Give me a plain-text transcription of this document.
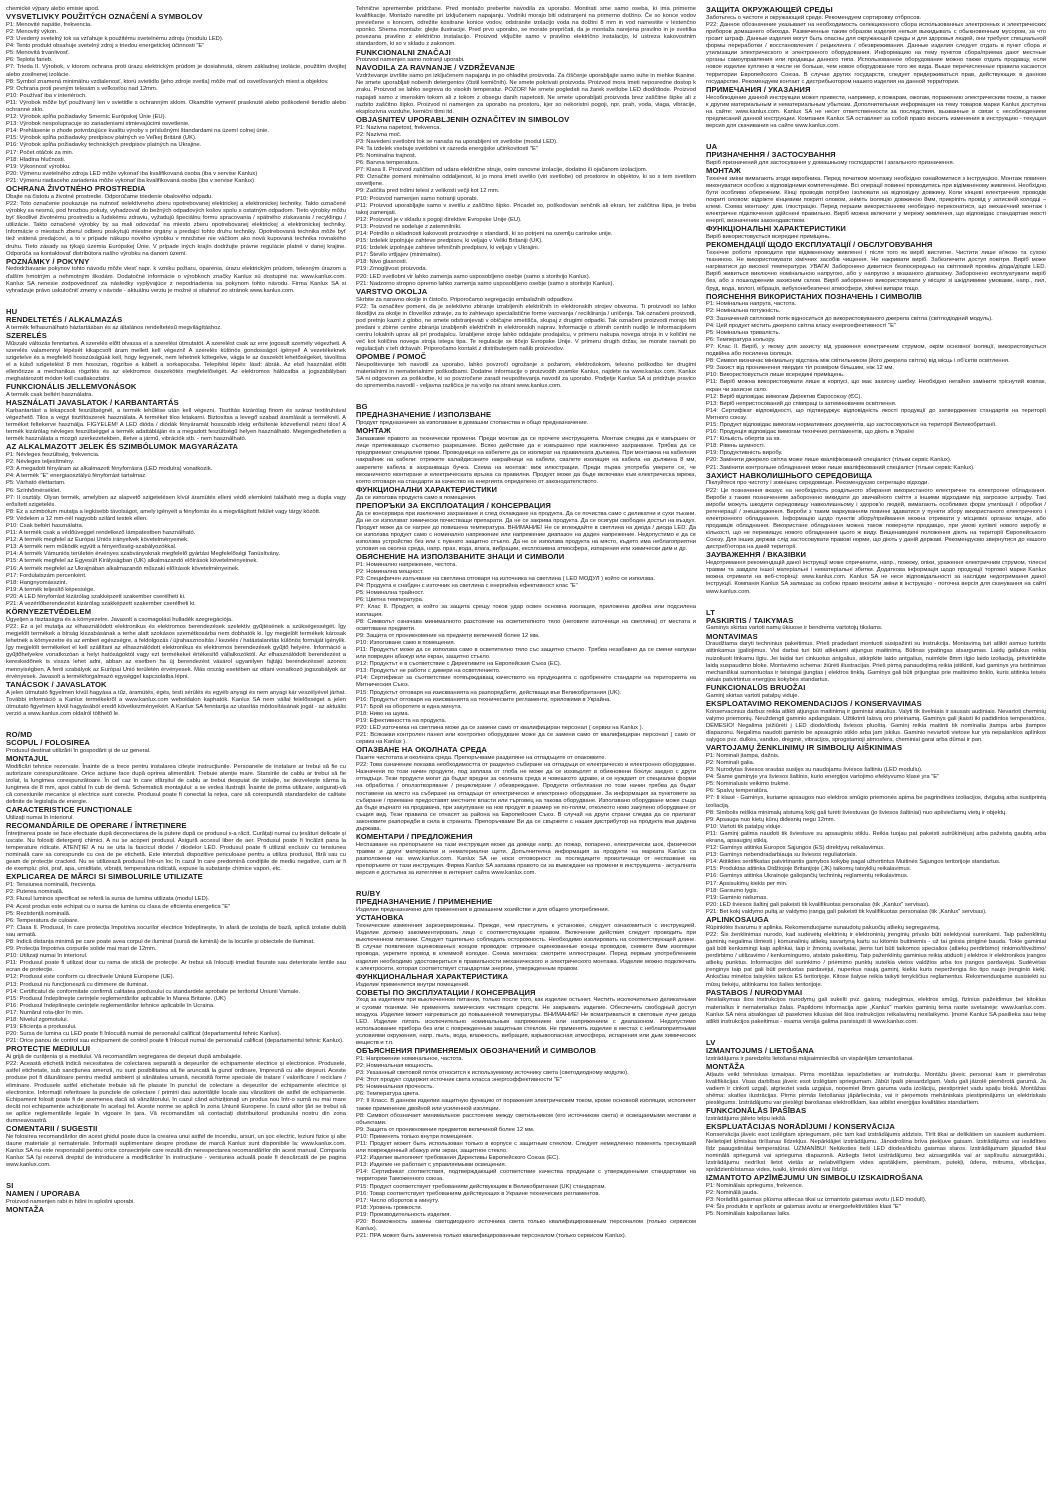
chemické výpary alebo emisie apod.

VYSVETLIVKY POUŽITÝCH OZNAČENÍ A SYMBOLOV

P1: Menovité napätie, frekvencia.

P2: Menovitý výkon.

P3: Uvedený svetelný tok sa vzťahuje k použitému svetelnému zdroju (modulu LED).

P4: Tento produkt obsahuje svetelný zdroj s triedou energetickej účinnosti "E"

P5: Menovitá trvanlivosť.

P6: Teplota farieb.

P7: Trieda II. Výrobok, v ktorom ochrana proti úrazu elektrickým prúdom je dosiahnutá, okrem základnej izolácie, použitím dvojitej alebo zosilnenej izolácie.

P8: Symbol znamená minimálnu vzdialenosť, ktorú svietidlo (jeho zdroje svetla) môže mať od osvetľovaných miest a objektov.

P9: Ochrana proti pevným telesám s veľkosťou nad 12mm.

P10: Používať iba v interiéroch.

P11: Výrobok môže byť používaný len v svietidle s ochranným sklom. Okamžite vymeniť prasknuté alebo poškodené tienidlo alebo ochranné sklo.

P12: Výrobok spĺňa požiadavky Smerníc Európskej Únie (EU).

P13: Výrobok nespolupracuje so zariadeniami stmievajúcimi osvetlenie.

P14: Prehlásenie o zhode potvrdzujúce kvalitu výroby s príslušnými štandardami na území colnej únie.

P15: Výrobok spĺňa požiadavky predpisov platných vo Veľkej Británii (UK).

P16: Výrobok spĺňa požiadavky technických predpisov platných na Ukrajine.

P17: Počet otáčok za min.

P18: Hladina hlučnosti.

P19: Výkonnosť výrobku.

P20: Výmenu svetelného zdroja LED môže vykonať iba kvalifikovaná osoba (iba v servise Kanlux)

P21: Výmenu riadiaceho zariadenia môže vykonať iba kvalifikovaná osoba (iba v servise Kanlux)

OCHRANA ŽIVOTNÉHO PROSTREDIA

Dbajte na čistotu a životné prostredie. Odporúčame triedenie obalového odpadu.

P22: Toto označenie poukazuje na nutnosť selektívneho zberu opotrebovanej elektrickej a elektronickej techniky. Takto označené výrobky sa nesmú, pod hrozbou pokuty, vyhadzovať do bežných odpadových košov spolu s ostatným odpadom. Tieto výrobky môžu byť škodlivé životnému prostrediu a ľudskému zdraviu, vyžadujú špeciálnu formu spracovania / spätného získavania / recyklingu / utilizácie. Takto označené výrobky by sa mali odovzdať na miesto zberu opotrebovanej elektrickej a elektronickej techniky. Informácie o miestach zberu/ odberu poskytujú miestne orgány a predajci tohto druhu techniky. Opotrebovaná technika môže byť tiež vrátená predajcovi, a to v prípade nákupu nového výrobku v množstve nie väčšom ako nová kupovaná technika rovnakého druhu. Tieto zásady sa týkajú územia Európskej Únie. V prípade iných krajín dodržujte právne regulácie platné v danej krajine. Odporúča sa kontaktovať distribútora našho výrobku na danom území.

POZNÁMKY / POKYNY

Nedodržiavanie pokynov tohto návodu môže viesť napr. k vzniku požiaru, oparenia, úrazu elektrickým prúdom, telesným úrazom a ďalším hmotným a nehmotným škodám. Dodatočné informácie o výrobkoch značky Kanlux sú dostupné na: www.kanlux.com. Kanlux SA nenesie zodpovednosť za následky vyplývajúce z nepodriadenia sa pokynom tohto návodu. Firma Kanlux SA si vyhradzuje právo uskutočniť zmeny v návode - aktuálnu verziu je možné si stiahnuť zo stránok www.kanlux.com.

HU
RENDELTETÉS / ALKALMAZÁS

A termék felhasználható háztartásban és az általános rendeltetésű megvilágításhoz.

SZERELÉS

Műszaki változás fenntartva. A szerelés előtt olvassa el a szerelési útmutatót. A szerelést csak az erre jogosult személy végezheti. A szerelés valamennyi lépését kikapcsolt áram mellett kell végezni! A szerelés különös gondosságot igényel! A vezetékeknek szigetelve és a megfelelő hosszúságúak kell, hogy legyenek, nem lehetnek kötegelve, vágja le az összeköt lehetőségeket, távolítsa el a külső szigetelést 8 mm hosszan, rögzítse a kábelt a sorkapocsba. Telepítési lépés: lásd: ábrák. Az első használat előtt ellenőrizze a mechanikus rögzítés és az elektromos összekötés megfelelőségét. Az elektromos hálózatba a jogszabályban meghatározott módon kell csatlakoztatni.

FUNKCIONÁLIS JELLEMVONÁSOK

A termék csak beltéri használatra.

HASZNÁLATI JAVASLATOK / KARBANTARTÁS

Karbantartást a lekapcsolt feszültségnél, a termék lehűlése után kell végezni. Tisztítás kizárólag finom és száraz textilruhával végezhető. Tilos a vegyi tisztítószerek használata. A terméket tilos letakarni. Biztosítsa a levegő szabad áramlását a terméknél. A terméket feltekerve használja. FIGYELEM! A LED dióda / diódák fényáramát hosszabb ideig erősítenie közvetlenül nézni tilos! A termék kizárólag névleges feszültséggel a termék adattábláján és a megadott feszültségű helyen használható. Megengedhetetlen a termék használata a mozgó szerkezetekben, illetve a jármű, vibrációk stb. - nem használható.

AZ ALKALMAZOTT JELEK ÉS SZIMBÓLUMOK MAGYARÁZATA

P1: Névleges feszültség, frekvencia.

P2: Névleges teljesítmény.

P3: A megadott fényáram az alkalmazott fényforrásra (LED modulra) vonatkozik.

P4: A termék "E" energiaosztályú fényforrást tartalmaz.

P5: Várható élettartam.

P6: Színhőmérséklet.

P7: II osztály. Olyan termék, amelyben az alapvető szigetelésen kívül áramütés elleni védő elemként található meg a dupla vagy erősített szigetelés.

P8: Ez a szimbólum mutatja a legkisebb távolságot, amely igényelt a fényforrás és a megvilágított felület vagy tárgy között.

P9: Védelem a 12 mm-nél nagyobb szilárd testek ellen.

P10: Csak beltéri használatra.

P11: A termék csak a védőüveggel rendelkező lámpatestben használható.

P12: A termék megfelel az Európai Uniós irányelvek követelményeinek.

P13: A termék nem működik együtt a fényerősség-szabályozókkal.

P14: A termék Vámuniós területén érvényes szabványoknak megfelelő gyártási Megfelelőségi Tanúsítvány.

P15: A termék megfelel az Egyesült Királyságban (UK) alkalmazandó előírások követelményeinek.

P16: A termék megfelel az Ukrajnában alkalmazandó műszaki előírások követelményeinek.

P17: Fordulatszám percenként.

P18: Hangnyomásszint.

P19: A termék teljesítő képessége.

P20: A LED fényforrást kizárólag szakképzett szakember cserélheti ki.

P21: A vezérlőberendezést kizárólag szakképzett szakember cserélheti ki.

KÖRNYEZETVÉDELEM

Ügyeljen a tisztaságra és a környezetre. Javasolt a csomagolási hulladék szegregációja.

P22: Ez a jel mutatja az elhasználódott elektronikus és elektromos berendezések szelektív gyűjtésének a szükségességét. Így megjelölt termékek a bírság kiszabásának a terhe alatt szokásos szemétkosárba nem dobhatók ki. Így megjelölt termékek károsak lehetnek a környezetre és az emberi egészségre, a feldolgozás / újrahasznosítás / kezelés / hatástalanítás különös formáját igénylik. Így megjelölt termékeket el kell szállítani az elhasználódott elektronikus és elektromos berendezések gyűjtő helyére. Információ a gyűjtőhelyekre vonatkozóan a helyi hatóságoktól vagy ezt termékeket értékesítő vállalkozóktól. Az elhasználódott berendezést a kereskedőnek is vissza lehet adni, abban az esetben ha új berendezést vásárol ugyanilyen fajtájú berendezéssel azonos mennyiségben. A fenti szabályok az Európai Unió területén érvényesek. Más ország esetében az ottani vonatkozó jogszabályok az érvényesek. Javasolt a termékforgalmazó egységgel kapcsolatba lépni.

TANÁCSOK / JAVASLATOK

A jelen útmutató figyelmen kívül hagyása a tűz, áramütés, égés, testi sérülés és egyéb anyagi és nem anyagi kár veszélyével járhat. További információ a Kanlux termékekről a www.kanlux.com weboldalon kaphatók. Kanlux SA nem vállal felelősséget a jelen útmutató figyelmen kívül hagyásából eredő következményekért. A Kanlux SA fenntartja az utasítás módosításának jogát - az aktuális verzió a www.kanlux.com oldalról tölthető le.

RO/MD
SCOPUL / FOLOSIREA

Produsul destinat utilizării în gospodării și de uz general.

MONTAJUL

Modificări tehnice rezervate. Înainte de a trece pentru instalarea citește instrucțiunile. Persoanele de instalare ar trebui să fie cu autorizare corespunzătoare. Orice acțiune face după oprirea alimentării. Trebuie atenție mare. Starsirile de cablu ar trebui să fie izolat, la lungimea corespunzătoare. În cel caz în care sfârșitul de cablu ar trebui despuiat de izolație, se dezvelește sârma la lungimea de 8 mm, apoi cablul în cub de demă. Schematică montajului: a se vedea ilustrații. Înainte de prima utilizare, asigurați-vă că conexiunile mecanice și electrice sunt corecte. Produsul poate fi conectat la rețea, care să corespundă standardelor de calitate definite de legislația de energie.

CARACTERISTICE FUNCȚIONALE

Utilizați numai în interiorul.

RECOMANDĂRILE DE OPERARE / ÎNTREȚINERE

Întreținerea poate se face efectuate după deconectarea de la putere după ce produsul s-a răcit. Curățați numai cu țesături delicate și uscate. Nu folosiți detergenți chimici. A nu se acoperi produsul. Asigură accesul liber de aer. Produsul poate fi încălzit pana la temperature ridicate. ATENȚIE! A nu se uita la fascicul diodei / diodelor LED. Produsul poate fi utilizat exclusiv cu tensiunea nominală care sa corespunde cu cea de pe etichetă. Este interzisă dispozitive periculoase pentru a utiliza produsul, fără sau cu geam de protecție cracked. Nu se utilizează produsul într-un loc în cazul în care predomină condițiile de mediu negative, cum ar fi de exemplu: ploi, praf, apa, umiditate, vibrații, temperatura ridicată, expuse la substanțe chimice vapori, etc.

EXPLICAREA DE MĂRCI SI SIMBOLURILE UTILIZATE

P1: Tensiunea nominală, frecvența.

P2: Puterea nominală.

P3: Fluxul luminos specificat se referă la sursa de lumina utilizata (modul LED).

P4: Acest produs este echipat cu o sursa de lumina cu clasa de eficienta energetica "E"

P5: Rezistență nominală.

P6: Temperatura de culoare.

P7: Clasa II. Produsul, în care protecția împotriva socurilor electrice îndeplinește, în afară de izolația de bază, aplică izolatie dublă sau armată.

P8: Indică distanța minimă pe care poate avea corpul de iluminat (sursă de lumină) de la locurile și obiectele de iluminat.

P9: Protecția împotriva corpurile solide mai mari de 12mm.

P10: Utilizați numai în interiorul.

P11: Produsul poate fi utilizat doar cu rama de sticlă de protecție. Ar trebui să înlocuiți imediat fisurate sau deteriorate lentile sau ecran de protecție.

P12: Produsul este conform cu directivele Uniunii Europene (UE).

P13: Produsul nu funcționează cu dimmere de iluminat.

P14: Certificatul de conformitate confirmă calitatea produsului cu standardele aprobate pe teritoriul Uniunii Vamale.

P15: Produsul îndeplinește cerințele reglementărilor aplicabile în Marea Britanie. (UK)

P16: Produsul îndeplinește cerințele reglementărilor tehnice aplicabile în Ucraina.

P17: Numărul rota-ților în min.

P18: Nivelul zgomotului.

P19: Eficiența a produsului.

P20: Sursa de lumina cu LED poate fi înlocuită numai de personalul calificat (departamentul tehnic Kanlux).

P21: Orice panou de control sau echipament de control poate fi înlocuit numai de personalul calificat (departamentul tehnic Kanlux).

PROTECȚIE MEDIULUI

Ai grijă de curățenia și a mediului. Vă recomandăm segregarea de deșeuri după ambalajele.

P22: Această etichetă indică necesitatea de colectarea separată a deșeurilor de echipamente electrice și electronice. Produsele, astfel etichetate, sub sancțiunea amenzii, nu sunt posibilitatea să fie aruncată la gunoi ordinare, împreună cu alte deșeuri. Aceste produse pot fi dăunătoare pentru mediul ambient și sănătatea umană, necesită forme speciale de tratare / valorificare / reciclare / eliminare. Produsele astfel etichetate trebuie să fie plasate în punctul de colectare a deșeurilor de echipamente electrice și electronice. Informații referitoare la punctele de colectare / primirii dau autoritățile locale sau vânzătorii de astfel de echipamente. Echipament folosit poate fi de asemenea dacă să vânzătorului, în cazul când achiziționați un produs nou într-o sumă nu mai mare decât noi echipamente achiziționate în același fel. Aceste norme se aplică în zona Uniunii Europene. În cazul altor țări se trebui să se aplice reglementările legale în vigoare în țara. Vă recomandăm să contactați distribuitorul produsului nostru din zona dumneavoastră.

COMENTARII / SUGESTII

Ne folosirea recomandărilor din acest ghidul poate duce la crearea unui astfel de incendiu, arsuri, un șoc electric, leziuni fizice și alte daune materiale și nemateriale. Informații suplimentare despre produse de marcă Kanlux sunt disponibile la: www.kanlux.com. Kanlux SA nu este responsabil pentru orice consecințele care rezultă din nerespectarea recomandărilor din acest manual. Compania Kanlux SA își rezervă dreptul de introducere a modificărilor în instrucțiune - versiunea actuală poate fi descărcată de pe pagina www.kanlux.com.

SI
NAMEN / UPORABA

Proizvod namenjen rabi in hišni in splošni uporabi.

MONTAŽA

Tehnične spremembe pridržane. Pred montažo preberite navodila za uporabo. Montirati sme samo oseba, ki ima primerne kvalifikacije. Montažo naredite pri izključenem napajanju. Vodniki morajo biti odstranjeni na primerno dolžino. Če so konce vodov previečene s koncem, odrežite kositrane konice vodov, odstranite izolacijo voda na dolžini 8 mm in vod namestite v lestenčno sponko. Shema montaže: glejte ilustracije. Pred prvo uporabo, se morate prepričati, da je montaža narejena pravilno in je svetilka povezana pravilno z električno instalacijo. Proizvod vključite samo v pravilno električno instalacijo, ki ustreza kakovostnim standardom, ki so v skladu z zakonom.

FUNKCIONALNI ZNAČAJI

Proizvod namenjen samo notranji uporabi.

NAVODILA ZA RAVNANJE / VZDRŽEVANJE

Vzdrževanje izvršite samo pri izključenem napajanju in po ohladitvi proizvoda. Za čiščenje uporabljajte samo suhe in mehke tkanine. Ne smete uporabljati nobenih detergentov (čistil kemičnih). Ne smete pokrivati proizvoda. Proizvod mora imeti neposredne dostop k zraku. Proizvod se lahko segreva do visokih temperatur. POZOR! Ne smete pogledati na žarek svetlobe LED diod/diode. Proizvod napajati samo z imenskim tokom ali z tokom z obsegu danih napetosti. Ne smete uporabljati proizvoda brez zaščitne šipke ali z razbito zaščitno šipko. Proizvod ni namenjen za uporabo na prostoru, kjer so nekoristni pogoji, npr. prah, voda, vlaga, vibracije, eksplozivna vozduhe, kemični tlimi itd.

OBJASNITEV UPORABLJENIH OZNAČITEV IN SIMBOLOV

P1: Nazivna napetost, frekvenca.

P2: Nazivna moč.

P3: Navedeni svetlobni tok se nanaša na uporabljeni vir svetlobe (modul LED).

P4: Ta izdelek vsebuje svetlobni vir razreda energijske učinkovitosti "E"

P5: Nominalna trajnost.

P6: Barvna temperatura.

P7: Klasa II. Proizvod zaščiten od udara električne struje, osim osnovne izolacije, dodatno ili ojačanom izolacijom.

P8: Označite pomeni minimalno oddaljenost, ki jo mora imeti svetilo (viri svetlobe) od prostorov in objektov, ki so s tem svetilom osvetljene.

P9: Zaščita pred trdimi telesi z velikosti večji kot 12 mm.

P10: Proizvod namenjen samo notranji uporabi.

P11: Proizvod uporabljajte samo v svetilu z zaščitno šipko. Pricadet so, poškodovan senčnik ali ekran, ter zaščitna šipa, je treba takoj zamenjati.

P12: Proizvod je v skladu s pogoji direktive Evropske Unije (EU).

P13: Proizvod ne sodeluje z zatemnilniki.

P14: Potrdilo o skladnosti kakovosti proizvodnje s standardi, ki so potrjeni na ozemlju carinske unije.

P15: Izdelek izpolnjuje zahteve predpisov, ki veljajo v Veliki Britaniji (UK).

P16: Izdelek izpolnjuje zahteve tehničnih predpisov, ki veljajo v Ukrajini.

P17: Število vrtljajev (minimalno).

P18: Nivo glasnosti.

P19: Zmogljivost proizvoda.

P20: LED svetlobni vir lahko zamenja samo usposobljeno osebje (samo s storitvijo Kanlux).

P21: Nadzorno stropno opremo lahko zamenja samo usposobljeno osebje (samo s storitvijo Kanlux).

VARSTVO OKOLJA

Skrbite za naravno okolje in čistočo. Priporočamo segregacijo embalažnih odpadkov.

P22: Ta označitev pomeni, da je selektivno zbiranje izrabljenih električnih in elektronskih strojev obvezna. Ti proizvodi so lahko škodljivi za okolje in človeško zdravje, za to zahtevajo specialistične forme varovanja / recikliranja / uničenja. Tak označeni proizvodi, pod pretnjo kazni z globo, ne smete odstranjevati v običajne smetišča, skupaj z drugimi odpadki. Tak označeni proizvodi morajo biti predani v zbirne centre zbiranja izrabljenih električnih in elektronskih naprav. Informacije o zbirnih centrih nudijo le informacijskem centru lokalnih uprav ali pri prodajalcu. Izrabljene stroje lahko oddajate prodajalcu, v primeru nakupa novega stroja in v količini ne več kot količina novega stroja istega tipa. Te regulacije se tičejo Evropske Unije. V primeru drugih držav, se morate ravnati po regulacijah v teh državah. Priporočamo kontakt z distributerjem našib proizvodov.

OPOMBE / POMOČ

Neupoštevanje teh navodil za uporabo, lahko povzroči ogrožanje s požarom, elektrošokom, telesno poškodbo ter drugimi materialnimi in nematerialnimi poškodbami. Dodatne informacije o proizvodih znamke Kanlux, najdete na www.kanlux.com. Kanlux SA ni odgovoren za poškodbe, ki so povzročene zaradi neupoštevanja navodil za uporabo. Podjetje Kanlux SA si pridržuje pravico do sprememba navodil - veljavna različica je na voljo na strani www.kanlux.com.

BG
ПРЕДНАЗНАЧЕНИЕ / ИЗПОЛЗВАНЕ

Продукт предназначен за използване в домашни стопанства и общо предназначение.

МОНТАЖ

Запазваме правото за технически промени. Преди монтаж да се прочете инструкцията. Монтаж следва да е извършен от лице притежаващо съответно разрешение. Всяко действие да е извършено при изключено захранване. Трябва да се предприемат специални грижи. Проводници на кабелите да се изолират на правилната дължина. При монтажна на кабелния накрайник на кабели: отрежете калайдисаните накрайници на кабели, свалете изолация на кабела на дължина 8 мм, закрепете кабела в захранваща бучка. Схема на монтаж: виж илюстрации. Преди първа употреба уверете се, че механичното монтиране и електрическата връзка са правилни. Продукт може да бъде включван към електрическа мрежа, която отговаря на стандарти за качество на енергията определено от законодателството.

ФУНКЦИОНАЛНИ ХАРАКТЕРИСТИКИ

Да се използва продукта само в помещения.

ПРЕПОРЪКИ ЗА ЕКСПЛОАТАЦИЯ / КОНСЕРВАЦИЯ

Да се консервира при изключено захранване и след охлаждане на продукта. Да се почиства само с деликатни и сухи тъкани. Да не се използват химически почистващи препарати. Да не се закрива продукта. Да се осигури свободен достъп на въздух. Продукт може да се нагрее до повишена температура. ВНИМАНИЕ! Не се вглеждайте в светлина на диода / диода LED. Да се използва продукт само с номинално напрежение или напрежение диапазон на даден напрежение. Недопустимо е да се използва устройство без или с пукнато защитно стъкло. Да не се използва продукта на място, където има неблагоприятни условия на околна среда, напр. прах, вода, влага, вибрации, експлозивна атмосфера, изпарения или химически дим и др.

ОБЯСНЕНИЕ НА ИЗПОЛЗВАНИТЕ ЗНАЦИ И СИМВОЛИ

P1: Номинално напрежение, честота.

P2: Номинална мощност.

P3: Специфичен излъчване на светлина отговаря на източника на светлина ( LED МОДУЛ ) който се използва.

P4: Продукта е снабден с източник на светлина с енергийна ефективност клас "E"

P5: Номинална трайност.

P6: Цветна температура.

P7: Клас II. Продукт, в който за защита срещу токов удар освен основна изолация, приложена двойна или подсилена изолация.

P8: Символът означава минималното разстояние на осветителното тяло (неговите източници на светлина) от местата и осветявани предмети.

P9: Защита от проникновение на предмети величиной более 12 мм.

P10: Използване само в помещения.

P11: Продуктът може да се използва само в осветително тяло със защитно стъкло. Трябва незабавно да се смени напукан или повреден абажур или екран, защитно стъкло.

P12: Продуктът е в съответствие с Директивите на Европейския Съюз (ЕС).

P13: Продуктът не работи с димери на осветлението.

P14: Сертификат за съответствие потвърждаващ качеството на продукцията с одобрените стандарти на територията на Митническия Съюз.

P15: Продуктът отговаря на изискванията на разпоредбите, действащи във Великобритания (UK).

P16: Продуктът отговаря на изискванията на техническите регламенти, приложими в Украйна.

P17: Брой на оборотите в една минута.

P18: Ниво на шума.

P19: Ефективността на продукта.

P20: LED източника на светлина може да се замени само от квалифициран персонал ( сервиз на Kanlux ).

P21: Всякакви контролен панел или контролно оборудване може да се замени само от квалифициран персонал ( само от сервиз на Kanlux ).

ОПАЗВАНЕ НА ОКОЛНАТА СРЕДА

Пазете чистотата и околната среда. Препоръчваме разделяне на отпадъците от опаковките.

P22: Това означение показва необходимостта от разделно събиране на отпадъци от електрическо и електронно оборудване. Назначени по този начин продукти, под заплаха от глоба не може да се изхвърлят в обикновени боклук заедно с други отпадъци. Тези продукти могат да бъдат вредни за околната среда и човешкото здраве, и се нуждаят от специални форми на обработка / оползотворяване / рециклиране / обезвреждане. Продукти отбелязани по този начин трябва да бъдат поставени на място на събиране на отпадъци от електрическо и електронно оборудване. За информация за пунктовете за събиране / приемане предоставят местните власти или търговец на такова оборудване. Използвано оборудване може също да бъде върнато на продавача, при закупуване на нов продукт в размер не по-голям, отколкото ново закупено оборудване от същия вид. Тези правила се отнасят за района на Европейския Съюз. В случай на други страни следва да се прилагат законовите разпоредби в сила в страната. Препоръчваме Ви да се свържете с нашия дистрибутор на продукта във дадена държава.

КОМЕНТАРИ / ПРЕДЛОЖЕНИЯ

Неспазване на препоръките на тази инструкция може да доведе напр. до пожар, попарено, електрически шок, физически травми и други материални и нематериални щети. Допълнителна информация за продукти на марката Kanlux са разположени на: www.kanlux.com. Kanlux SA не носи отговорност за последиците произтичащи от неспазване на препоръките от тази инструкция. Фирма Kanlux SA запазва правото си за въвеждане на промени в инструкцията - актуалната версия е достъпна за изтегляне в интернет сайта www.kanlux.com.

RU/BY
ПРЕДНАЗНАЧЕНИЕ / ПРИМЕНЕНИЕ

Изделие предназначено для применения в домашнем хозяйстве и для общего употребления.

УСТАНОВКА

Технические изменения зарезервированы. Прежде, чем приступить к установке, следует ознакомиться с инструкцией. Изделие должно закомментировать лицо с соответствующим правом. Включение действия следует проводить при выключенном питании. Следует тщательно соблюдать осторожность. Необходимо изолировать на соответствующей длине. В случае появления оцинкованных концов проводов: отрежьте оцинкованные концы проводов, снимите 8мм изоляции провода, укрепите провод в клеммой колодке. Схема монтажа: смотрите иллюстрации. Перед первым употреблением изделия необходимо удостовериться в правильности механического и электрического монтажа. Изделие можно подключать к электросети, которая соответствует стандартам энергии, утвержденным правом.

ФУНКЦИОНАЛЬНАЯ ХАРАКТЕРИСТИКА

Изделие применяется внутри помещений.

СОВЕТЫ ПО ЭКСПЛУАТАЦИИ / КОНСЕРВАЦИЯ

Уход за изделием при выключенном питании, только после того, как изделие остынет. Чистить исключительно деликатными и сухими тканями. Не применять химических чистящих средств. Не закрывать изделие. Обеспечить свободный доступ воздуха. Изделие может нагреваться до повышенной температуры. ВНИМАНИЕ! Не всматриваться в световые лучи диода LED. Изделие питать исключительно номинальным напряжением или напряжением с диапазоном. Недопустимо использование прибора без или с поврежденным защитным стеклом. Не применять изделие в местах с неблагоприятными условиями окружения, напр. пыль, вода, влажность, вибрация, взрывоопасная атмосфера, испарения или дым химических веществ и т.п.

ОБЪЯСНЕНИЯ ПРИМЕНЯЕМЫХ ОБОЗНАЧЕНИЙ И СИМВОЛОВ

P1: Напряжение номинальное, частота.

P2: Номинальная мощность.

P3: Указанный световой поток относится к используемому источнику света (светодиодному модулю).

P4: Этот продукт содержит источник света класса энергоэффективности "E"

P5: Номинальная прочность.

P6: Температура цвета.

P7: II Класс. В данном изделии защитную функцию от поражения электрическим током, кроме основной изоляции, исполняет также применение двойной или усиленной изоляции.

P8: Символ обозначает минимальное расстояние между светильником (его источником света) и освещаемыми местами и объектами.

P9: Защита от проникновения предметов величиной более 12 мм.

P10: Применять только внутри помещения.

P11: Продукт может быть использован только в корпусе с защитным стеклом. Следует немедленно поменять треснувший или поврежденный абажур или экран, защитное стекло.

P12: Изделие выполняет требования Директивы Европейского Союза (ЕС).

P13: Изделие не работает с управляемыми освещения.

P14: Сертификат соответствия, подтверждающий соответствие качества продукции с утвержденными стандартами на территории Таможенного союза.

P15: Продукт соответствует требованиям действующим в Великобритании (UK) стандартам.

P16: Товар соответствует требованиям действующих в Украине технических регламентов.

P17: Число оборотов в минуту.

P18: Уровень громкости.

P19: Производительность изделия.

P20: Возможность замены светодиодного источника света только квалифицированным персоналом (только сервисом Kanlux).

P21: ПРА может быть заменена только квалифицированным персоналом (только сервисом Kanlux).

ЗАЩИТА ОКРУЖАЮЩЕЙ СРЕДЫ

Заботьтесь о чистоте и окружающей среде. Рекомендуем сортировку отбросов.

P22: Данное обозначение указывает на необходимость селекционного сбора использованных электронных и электрических приборов домашнего обихода. Размеченные таким образом изделия нельзя выкидывать с обыкновенным мусором, за что грозит штраф. Данные изделия могут быть опасны для окружающей среды и для здоровья людей, они требуют специальной формы переработки / восстановления / рециклинга / обезвреживания. Данные изделия следует отдать в пункт сбора и утилизации электрического и электронного оборудования. Информацию на тему пунктов сбора/приема дают местные органы самоуправления или продавцы данного типа. Использованное оборудование можно также отдать продавцу, если новое изделие куплено в числе не больше, чем новое оборудование того же вида. Выше перечисленные правила касаются территории Европейского Союза. В случае других государств, следует придерживаться прав, действующих в данном государстве. Рекомендуем контакт с дистрибьютором нашего изделия на данной территории.

ПРИМЕЧАНИЯ / УКАЗАНИЯ

Несоблюдение данной инструкции может привести, например, к пожарам, ожогам, поражению электрическим током, а также к другим материальным и нематериальным убыткам. Дополнительная информация на тему товаров марки Kanlux доступна на сайте: www.kanlux.com. Kanlux SA не несет ответственности за последствия, вызванные в связи с несоблюдением предписаний данной инструкции. Компания Kanlux SA оставляет за собой право вносить изменения в инструкцию - текущая версия для скачивания на сайте www.kanlux.com.

UA
ПРИЗНАЧЕННЯ / ЗАСТОСУВАННЯ

Виріб призначений для застосування у домашньому господарстві і загального призначення.

МОНТАЖ

Технічні зміни вимагають згоди виробника. Перед початком монтажу необхідно ознайомитися з інструкцією. Монтаж повинен виконуватися особою з відповідними компетенціями. Всі операції повинні проводитись при відімкненому живленні. Необхідно бути особливо обережним. Кінці проводів потрібно ізолювати на відповідну довжину. Коли кінцеві електричних проводів покриті оловом: відріжте кінцевики покриті оловом, зніміть ізоляцію довжиною 8мм, прикріпіть провід у затискній колодці – клемі. Схема монтажу: див. ілюстрацію. Перед першим використанням необхідно переконатися, що механічний монтаж і електричне підключення здійснені правильно. Виріб можна включати у мережу живлення, що відповідає стандартам якості енергії, визначеним законодавством.

ФУНКЦІОНАЛЬНІ ХАРАКТЕРИСТИКИ

Виріб використовується всередині приміщень.

РЕКОМЕНДАЦІЇ ЩОДО ЕКСПЛУАТАЦІЇ / ОБСЛУГОВУВАННЯ

Технічне роботи проводити при відімкненому живленні і після того як виріб вистигне. Чистити лише м'якою та сухою тканиною. Не використовувати хімічних засобів чищення. Не накривати виріб. Забезпечити доступ повітря. Виріб може нагріватися до високої температури. УВАГА! Заборонено дивитися безпосередньо на світловий промінь діода/діодів LED. Виріб живиться виключно номінальною напругою, або у напругою з вказаного діапазону. Заборонено експлуатувати виріб без, або з пошкодженим захисним склом. Виріб заборонено використовувати у місцях зі шкідливими умовами, напр., пил, бруд, вода, вологі, вібрація, вибухонебезпечні атмосфери, хімічні випари тощо.

ПОЯСНЕННЯ ВИКОРИСТАНИХ ПОЗНАЧЕНЬ І СИМВОЛІВ

P1: Номінальна напруга, частота.

P2: Номінальна потужність.

P3: Зазначений світловий потік відноситься до використовуваного джерела світла (світлодіодний модуль).

P4: Цей продукт містить джерело світла класу енергоефективності "E"

P5: Номінальна тривалість.

P6: Температура кольору.

P7: Клас ІІ. Виріб, у якому для захисту від ураження електричним струмом, окрім основної ізоляції, використовується подвійна або посилена ізоляція.

P8: Символ визначає мінімальну відстань між світильником (його джерела світла) від місць і об'єктів освітлення.

P9: Захист від проникнення твердих тіл розміром більшим, ніж 12 мм.

P10: Використовується лише всередині приміщень.

P11: Виріб можна використовувати лише в корпусі, що має захисну шибку. Необхідно негайно замінити тріснутий ковпак, екран чи захисне скло.

P12: Виріб відповідає вимогам Директив Євросоюзу (ЄС).

P13: Виріб непристосований до співпраці із затемнювачем освітлення.

P14: Сертифікат відповідності, що підтверджує відповідність якості продукції до затверджених стандартів на території Митного союзу.

P15: Продукт відповідає вимогам нормативних документів, що застосовуються на території Великобританії.

P16: Продукція відповідає вимогам технічних регламентів, що діють в Україні

P17: Кількість обертів за хв.

P18: Рівень шумності.

P19: Продуктивність виробу.

P20: Замінити джерело світла може лише кваліфікований спеціаліст (тільки сервіс Kanlux).

P21: Замінити контрольне обладнання може лише кваліфікований спеціаліст (тільки сервіс Kanlux).

ЗАХИСТ НАВКОЛИШНЬОГО СЕРЕДОВИЩА

Піклуйтеся про чистоту і зовнішнє середовище. Рекомендуємо сегрегацію відходи.

P22: Це позначення вказує на необхідність роздільного збирання використаного електричне та електронне обладнання. Вироби з таким позначенням заборонено викидати до звичайного сміття з іншими відходами під загрозою штрафу. Такі вироби можуть шкодити середовищу навколишньому і здоров'ю людей, вимагають особливих форм утилізації / обробки / регенерації / знешкодження. Вироби з таким маркуванням повинні здаватися у пункти збору використаного електричного і електронного обладнання. Інформацію щодо пунктів збору/приймання можна отримати у місцевих органах влади, або продавців обладнання. Використане обладнання можна також повернути продавцю, при умові купівлі нового виробу в кількості, що не перевищує нового обладнання цього ж виду. Вищенаведені положення діють на території Європейського Союзу. Для інших держав слід застосовувати правові норми, що діють у даній державі. Рекомендуємо звернутися до нашого дистриб'ютора на даній території.

ЗАУВАЖЕННЯ / ВКАЗІВКИ

Недотримання рекомендацій даної інструкції може спричинити, напр., пожежу, опіки, ураження електричним струмом, тілесні травми та завдати іншої матеріальні і нематеріальні збитки. Додаткова інформація щодо продукції торгової марки Kanlux можна отримати на веб-сторінці: www.kanlux.com. Kanlux SA не несе відповідальності за наслідки недотримання даної інструкції. Компанія Kanlux SA залишає за собою право вносити зміни в інструкцію - поточна версія для скачування на сайті www.kanlux.com.

LT
PASKIRTIS / TAIKYMAS

Gaminys skirtas vartoti namų ūkiuose ir bendrems vartotojų tikslams.

MONTAVIMAS

Draudžiama daryti techninius pakeitimus. Prieš pradedant montuoti susipažinti su instrukcija. Montavimą turi atlikti asmuo turintis atitinkamus įgaliojimus. Visi darbai turi būti atliekami atjungus maitinimą. Būtinas ypatingas atsargumas. Laidų galiukus reikia nuizoliuoti tinkamu ilgiu. Jei laidai turi cinkuotus antgalius, atkirpkite laido antgalius, nuimkite 8mm ilgio laido izoliaciją, pritvirtinkite laidą suspaudimo bloke. Montavimo schema: žiūrėti iliustracijas. Prieš pirmą panaudojimą reikia įsitikinti, kad gaminys yra tvirtinimas mechaniškai sumontuotas ir teisingai įjungtas į elektros tinklą. Gaminys gali būti prijungtas prie maitinimo tinklo, kuris atitinka teisės aktais patvirtintus energijos kokybės standartus.

FUNKCIONALŪS BRUOŽAI

Gaminį skirtas vartoti patalpų viduje.

EKSPLOATAVIMO REKOMENDACIJOS / KONSERVAVIMAS

Konservacinius darbus reikia atlikti atjungus maitinimą ir gaminiui ataušus. Valyti tik švelniais ir sausais audiniais. Nevartoti cheminių valymo priemonių. Neuždengti gaminio apdangalais. Užtikrinti laisvą oro prieinamą. Gaminys gali įkaisti iki padidintos temperatūros. DĖMESIO! Negalima įsižiūrėti į LED diodo/diodų šviesos pluoštą. Gaminį reikia maitinti tik nominalia įtampa arba įtampos diapazonu. Negalima naudoti gaminio be apsauginio stiklo arba jam įskilus. Gaminio nevartoti vietose kur yra nepalankios aplinkos sąlygos pvz. dulkės, vanduo, drėgmė, vibracijos, sprogstamoji atmosfera, cheminiai garai arba dūmai ir pan.

VARTOJAMŲ ŽENKLINIMŲ IR SIMBOLIŲ AIŠKINIMAS

P1: Nominali įtampa, dažnis.

P2: Nominali galia.

P3: Nurodytas šviesos srautas susijęs su naudojamu šviesos šaltiniu (LED moduliu).

P4: Šiame gaminyje yra šviesos šaltinis, kurio energijos vartojimo efektyvumo klasė yra "E"

P5: Nominalusis veikimo trukmė.

P6: Spalvų temperatūra.

P7: II klasė - Gaminys, kuriame apsaugos nuo elektros smūgio priemonės apima be pagrindinės izoliacijos, dvigubą arba sustiprintą izoliaciją.

P8: Simbolis reiškia minimalų atstumą kokį gali turėti šviestuvas (jo šviesos šaltiniai) nuo apšviečiamų vietų ir objektų.

P9: Apsauga nuo kietų kūnų didesnių negu 12mm.

P10: Vartoti tik patalpų viduje.

P11: Gaminį galima naudoti tik šviestuve su apsauginiu stiklu. Reikia tuojau pat pakeisti sutrūkinėjusį arba pažeistą gaubtą arba ekraną, apsauginį stiklą.

P12: Gaminys atitinka Europos Sąjungos (ES) direktyvų reikalavimus.

P13: Gaminys nebendradarbiauja su šviesos reguliatoriais.

P14: Atitikties sertifikatas patvirtinantis gamybos kokybę pagal užtvirtintus Muitinės Sąjungos teritorijoje standartus.

P15: Produktas atitinka Didžiojoje Britanijoje (JK) taikomų taisyklių reikalavimus.

P16: Gaminys atitinka Ukrainoje galiojančių techninių reglamentų reikalavimus.

P17: Apsisukimų kiekis per min.

P18: Garsumo lygis.

P19: Gaminio našumas.

P20: LED šviesos šaltinį gali pakeisti tik kvalifikuotas personalas (tik „Kanlux" servisas).

P21: Bet kokį valdymo pultą ar valdymo įrangą gali pakeisti tik kvalifikuotas personalas (tik „Kanlux" servisas).

APLINKOSAUGA

Rūpinkitės švarumu ir aplinka. Rekomenduojame sunaudotų pakuočių atliekų segregavimą.

P22: Šis ženklinimas nurodo, kad sudėvėtų elektrinių ir elektroninių įrenginių privalo būti selektyviai surenkami. Taip paženklintų gaminių negalima išmesti į komunalinių atliekų savartyną kartu su kitomis buitinėmis - už tai grėsia piniginė bauda. Tokie gaminiai gali būti kenksmingi kaip aplinkai, taip ir žmonių sveikatai, jiems turi būti taikomos specialios (atliekų perdirbimo) rinkimo/išvežimo/ perdirbimo / utilizavimo / kenksmingumo, atstato pakeitimų. Taip paženklintų gaminius reikia atiduoti į elektros ir elektronikos įrangos atliekų punktus. Informacijos dėl surinkimo / priėmimo punktų suteikia vietos valdžios arba tos įrangos pardavėjai. Sudėvėtas įrenginys taip pat gali būti perduotas pardavėjui, nuperkus naują gaminį, kiekiu kuris neperžengia šio tipo naujo įrenginio kiekį. Anksčiau minėtos taisyklės taikos ES teritorijoje. Kitose šalyse reikia taikyti tenykščius reglamentus. Rekomenduojame susisiekti su mūsų tiekėju, atitinkamu tos šalies teritorijoje.

PASTABOS / NURODYMAI

Nesilaikymas šios instrukcijos nurodymų gali sukelti pvz. gaisrą, nudegimus, elektros smūgį, fizinius pažeidimus bei kitokius materialius ir nematerialius žalas. Papildomi informacija apie „Kanlux" markės gaminių tema rasite svetainėje: www.kanlux.com. Kanlux SA nėra atsakingas už pasekmes kilusias dėl šios instrukcijos reikalavimų nesilaikymo. Įmonė Kanlux SA pasilieka sau teisę atlikti instrukcijos pakeitimus - esama versija galima parsisiųsti iš www.kanlux.com.

LV
IZMANTOJUMS / LIETOŠANA

Izstrādājums ir paredzēts lietošanai mājsaimniecībā un vispārējām izmantošanai.

MONTĀŽA

Atļauts veikt tehniskas izmaiņas. Pirms montāžas iepazīstieties ar instrukciju. Montāžu jāveic personai kam ir piemērotas kvalifikācijas. Visas darbības jāveic esot izslēgtam spriegumam. Jābūt īpaši piesardzīgam. Vadu gali jāizolē piemērotā garumā. Ja vadiem ir cinkoti uzgaļi, atgrieziet vada uzgaļus, noņemiet 8mm garuma vada izolāciju, piestipriniet vadu spaiļu blokā. Montāžas shēma: skatīes ilustrācijas. Pirms pirmās lietošanas jāpārliecinās, vai ir pieņemots mehāniskais piestiprinājums un elektriskais pieslēgums. Izstrādājumu var pieslēgt barošanas elektrotīklam, kas atbilst enerģijas kvalitātes standartiem.

FUNKCIONĀLĀS ĪPAŠĪBAS

Izstrādājums jālieto telpu iekšā.

EKSPLUATĀCIJAS NORĀDĪJUMI / KONSERVĀCIJA

Konservācija jāveic esot izslēgtam spriegumam, pēc tam kad izstrādājums atdzisis. Tīrīt tikai ar delikātiem un sausiem audumiem. Nelietojiet ķīmiskus tīrīšanas līdzekļus. Nepārklājiet izstrādājumu. Jānodrošina brīva piekļuve gaisam. Izstrādājums var iesildīties līdz paaugstinātai temperatūrai. UZMANĪBU! Nelūkoties tieši LED diodes/diožu gaismas staros. Izstrādājumam jāpadod tikai nominālā spriegumā vai sprieguma diapazonā. Aizliegts lietot izstrādājumu bez aizsargstikla vai ar saplīsušu aizsargstiklu. Izstrādājumu nedrīkst lietot vietās ar nelabvēlīgiem vides apstākļiem, piemēram, putekļi, ūdens, mitrums, vibrācijas, sprādzienbīstamas vides, tvaiki, ķīmiski dūmi vai līdzīgi.

IZMANTOTO APZĪMĒJUMU UN SIMBOLU IZSKAIDROŠANA

P1: Nominālais spriegums, frekvence.

P2: Nominālā jauda.

P3: Norādītā gaismas plūsma attiecas tikai uz izmantoto gaismas avotu (LED modulī).

P4: Šis produkts ir aprīkots ar gaismas avotu ar energoefektivitātes klasi "E"

P5: Nominālais kalpošanas laiks.
